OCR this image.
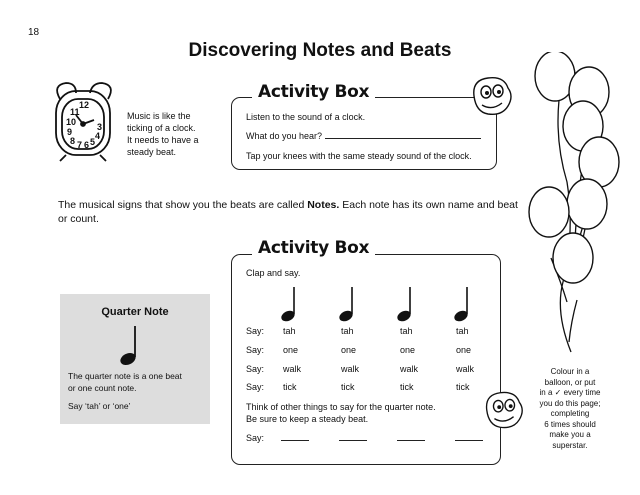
18
Discovering Notes and Beats
11
12
10
9
8 7 6 5
4
3
Music is like the
ticking of a clock.
It needs to have a
steady beat.
Activity Box
Listen to the sound of a clock.
What do you hear?
Tap your knees with the same steady sound of the clock.
The musical signs that show you the beats are called Notes. Each note has its own name and beat or count.
Quarter Note
The quarter note is a one beat
or one count note.
Say ‘tah’ or ‘one’
Activity Box
Clap and say.
Say: tah	tah	tah	tah
Say: one	one	one	one
Say: walk	walk	walk	walk
Say: tick	tick	tick	tick
Think of other things to say for the quarter note.
Be sure to keep a steady beat.
Say:
Colour in a
balloon, or put
in a ✓ every time
you do this page;
completing
6 times should
make you a
superstar.
